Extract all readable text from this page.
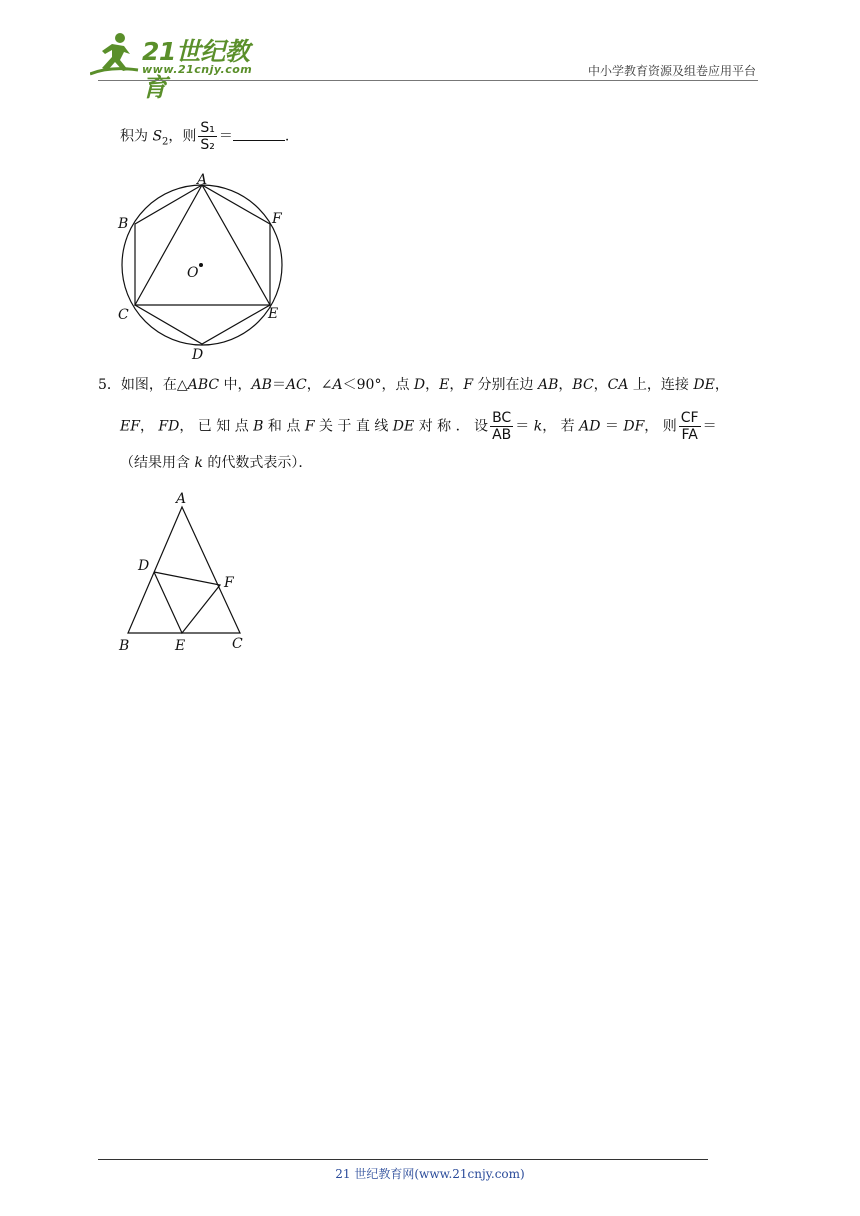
21世纪教育
www.21cnjy.com	中小学教育资源及组卷应用平台
积为 $S_2$，则 $\frac{\text{S₁}}{\text{S₂}}$ ＝	.
A
B
C
D
E
F
O
5．如图，在△ABC 中，AB＝AC，∠A＜90°，点 D，E，F 分别在边 AB，BC，CA 上，连接 DE，
EF， FD， 已 知 点 B 和 点 F 关 于 直 线 DE 对 称 ． 设 $\frac{BC}{AB} = k$， 若 AD ＝ DF， 则 $\frac{CF}{FA}$ ＝
（结果用含 k 的代数式表示）．
A
D
F
B	E	C
21 世纪教育网(www.21cnjy.com)
